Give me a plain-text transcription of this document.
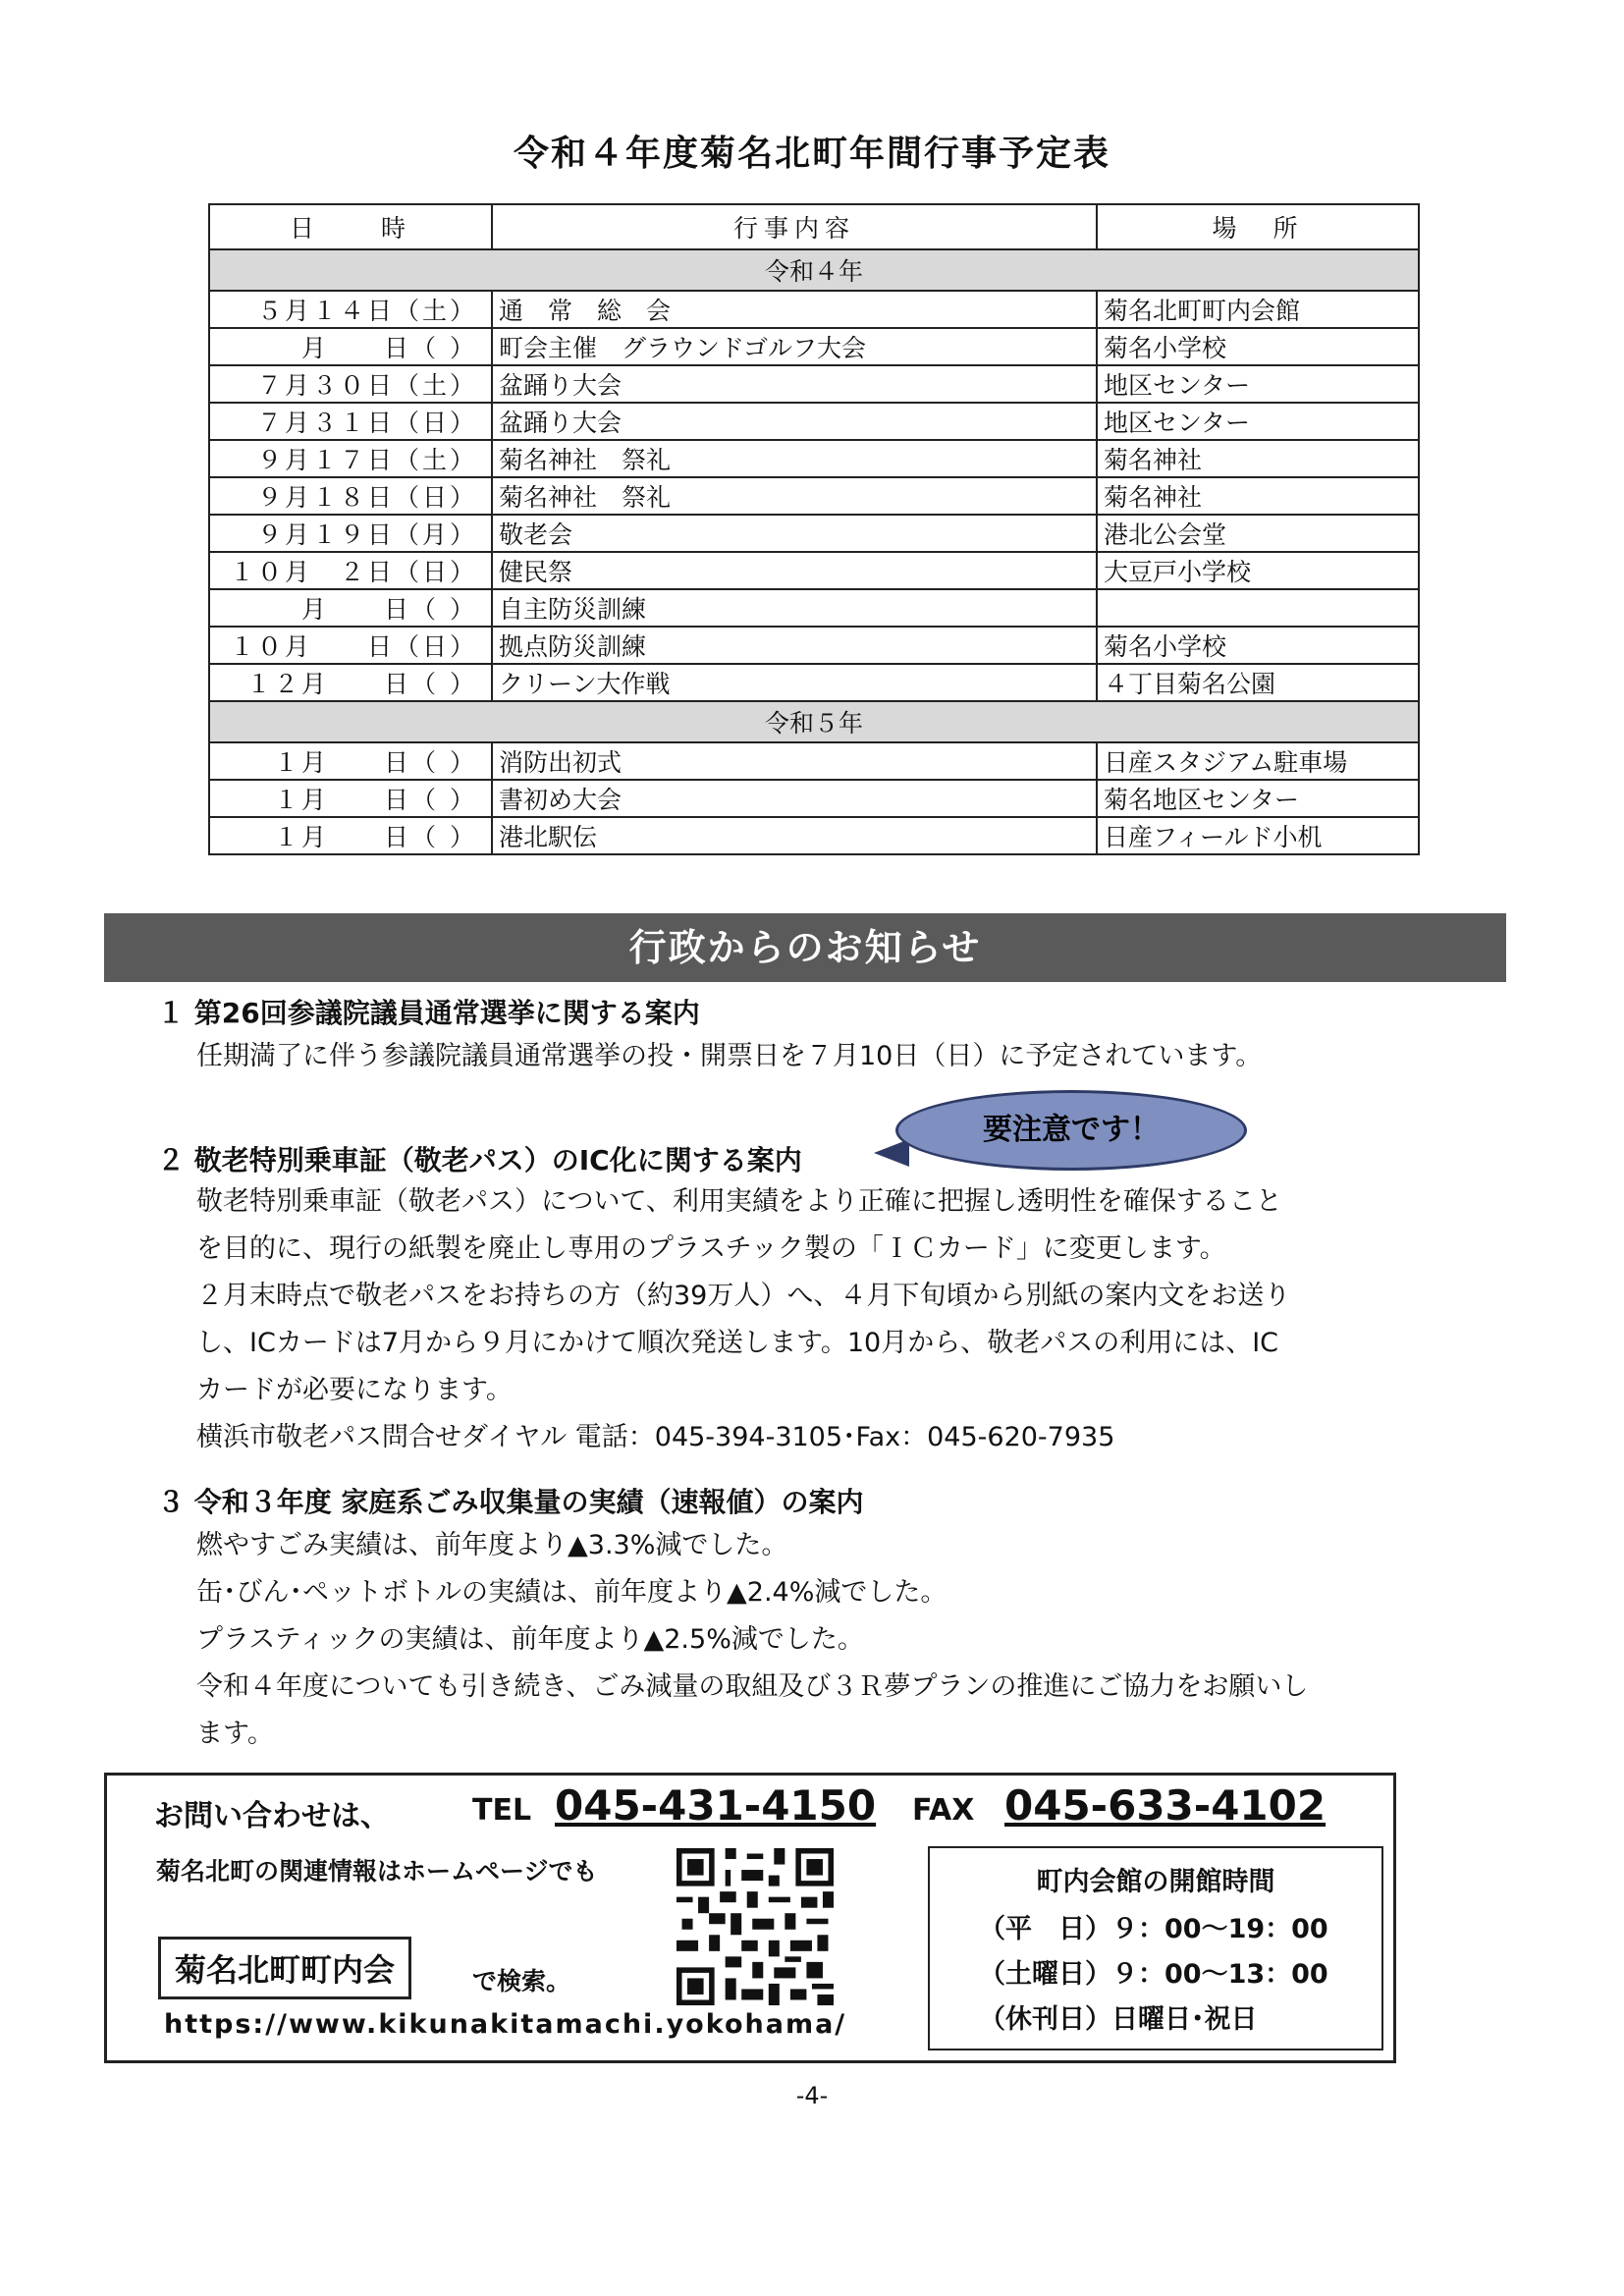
令和４年度菊名北町年間行事予定表
日　　時	行事内容	場　所
令和４年		
５月１４日（土）	通　常　総　会	菊名北町町内会館
月　　日（ ）	町会主催　グラウンドゴルフ大会	菊名小学校
７月３０日（土）	盆踊り大会	地区センター
７月３１日（日）	盆踊り大会	地区センター
９月１７日（土）	菊名神社　祭礼	菊名神社
９月１８日（日）	菊名神社　祭礼	菊名神社
９月１９日（月）	敬老会	港北公会堂
１０月　２日（日）	健民祭	大豆戸小学校
月　　日（ ）	自主防災訓練	
１０月　　日（日）	拠点防災訓練	菊名小学校
１２月　　日（ ）	クリーン大作戦	４丁目菊名公園
令和５年		
１月　　日（ ）	消防出初式	日産スタジアム駐車場
１月　　日（ ）	書初め大会	菊名地区センター
１月　　日（ ）	港北駅伝	日産フィールド小机
行政からのお知らせ
１ 第26回参議院議員通常選挙に関する案内
任期満了に伴う参議院議員通常選挙の投・開票日を７月10日（日）に予定されています。
要注意です！
２ 敬老特別乗車証（敬老パス）のIC化に関する案内
敬老特別乗車証（敬老パス）について、利用実績をより正確に把握し透明性を確保すること
を目的に、現行の紙製を廃止し専用のプラスチック製の「ＩＣカード」に変更します。
２月末時点で敬老パスをお持ちの方（約39万人）へ、４月下旬頃から別紙の案内文をお送り
し、ICカードは7月から９月にかけて順次発送します。10月から、敬老パスの利用には、IC
カードが必要になります。
横浜市敬老パス問合せダイヤル 電話：045-394-3105･Fax：045-620-7935
３ 令和３年度 家庭系ごみ収集量の実績（速報値）の案内
燃やすごみ実績は、前年度より▲3.3%減でした。
缶･びん･ペットボトルの実績は、前年度より▲2.4%減でした。
プラスティックの実績は、前年度より▲2.5%減でした。
令和４年度についても引き続き、ごみ減量の取組及び３Ｒ夢プランの推進にご協力をお願いし
ます。
お問い合わせは、	TEL 045-431-4150 FAX 045-633-4102
菊名北町の関連情報はホームページでも
菊名北町町内会	で検索。
https://www.kikunakitamachi.yokohama/
町内会館の開館時間
（平　日）９：00～19：00
（土曜日）９：00～13：00
（休刊日）日曜日･祝日
-4-
